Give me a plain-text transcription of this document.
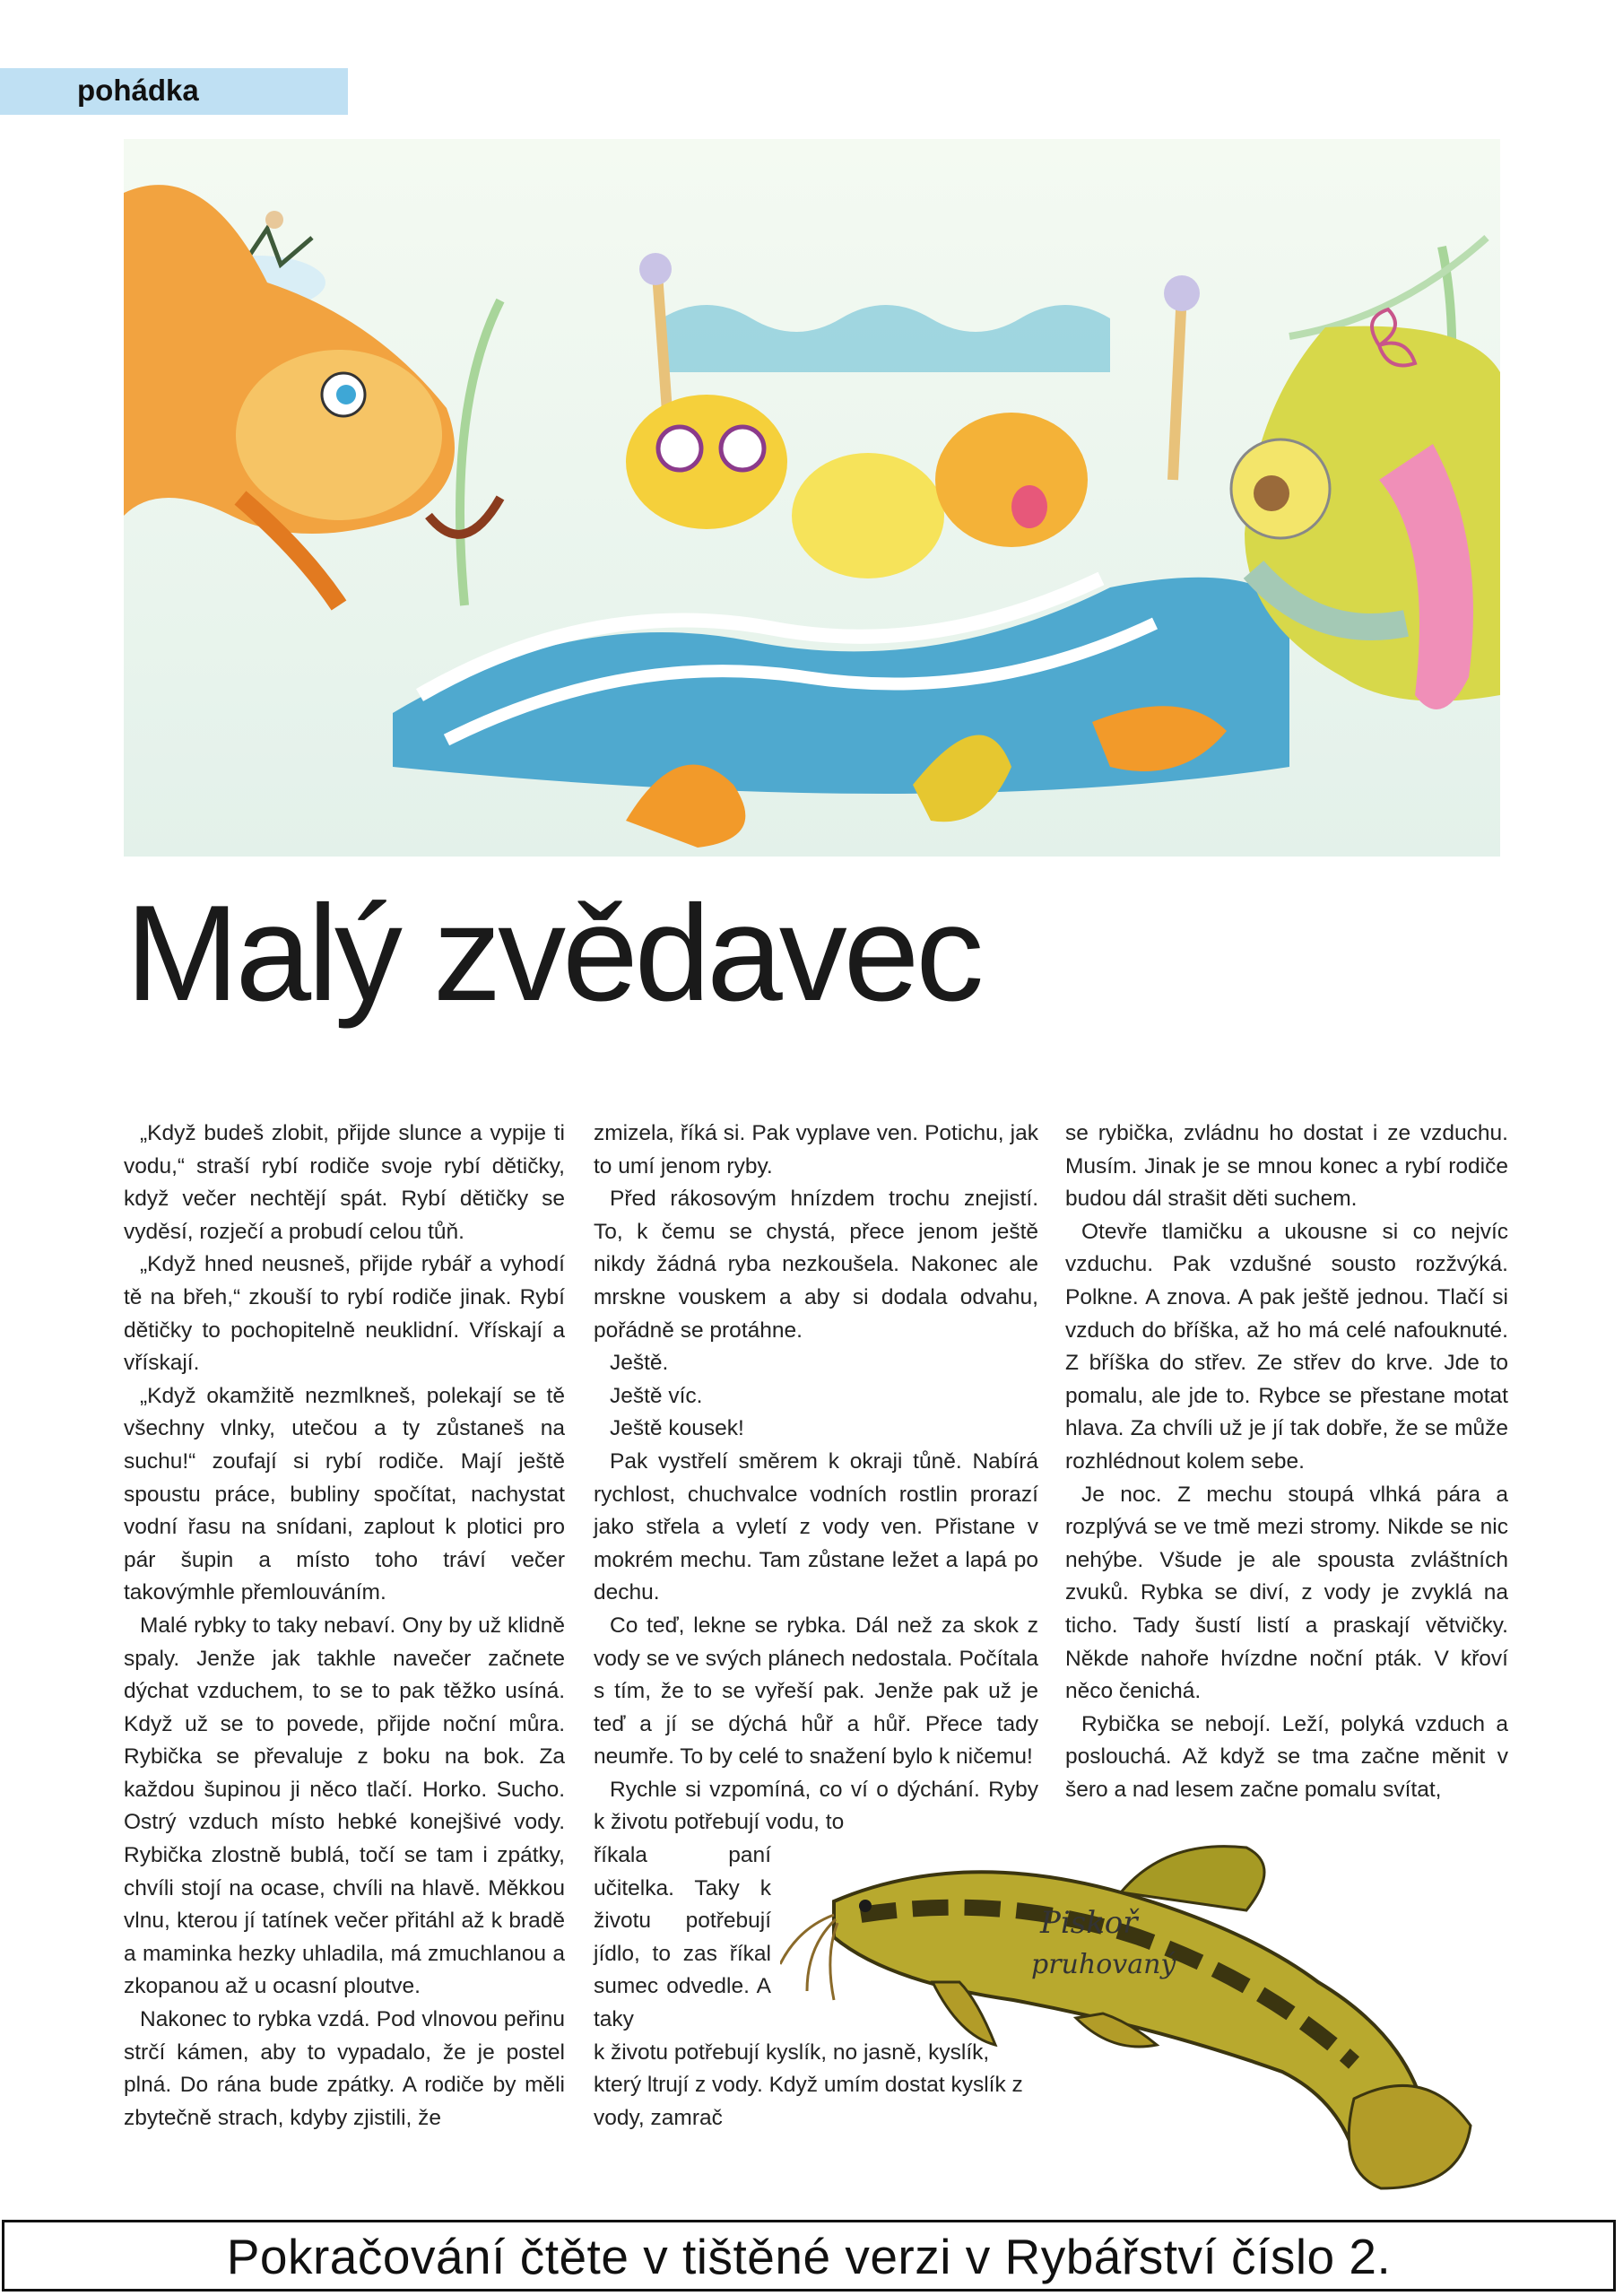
pohádka
Malý zvědavec

„Když budeš zlobit, přijde slunce a vypije ti vodu,“ straší rybí rodiče svoje rybí dětičky, když večer nechtějí spát. Rybí dětičky se vyděsí, rozječí a probudí celou tůň.

„Když hned neusneš, přijde rybář a vyhodí tě na břeh,“ zkouší to rybí rodiče jinak. Rybí dětičky to pochopitelně neuklidní. Vřískají a vřískají.

„Když okamžitě nezmlkneš, polekají se tě všechny vlnky, utečou a ty zůstaneš na suchu!“ zoufají si rybí rodiče. Mají ještě spoustu práce, bubliny spočítat, nachystat vodní řasu na snídani, zaplout k plotici pro pár šupin a místo toho tráví večer takovýmhle přemlouváním.

Malé rybky to taky nebaví. Ony by už klidně spaly. Jenže jak takhle navečer začnete dýchat vzduchem, to se to pak těžko usíná. Když už se to povede, přijde noční můra. Rybička se převaluje z boku na bok. Za každou šupinou ji něco tlačí. Horko. Sucho. Ostrý vzduch místo hebké konejšivé vody. Rybička zlostně bublá, točí se tam i zpátky, chvíli stojí na ocase, chvíli na hlavě. Měkkou vlnu, kterou jí tatínek večer přitáhl až k bradě a maminka hezky uhladila, má zmuchlanou a zkopanou až u ocasní ploutve.

Nakonec to rybka vzdá. Pod vlnovou peřinu strčí kámen, aby to vypadalo, že je postel plná. Do rána bude zpátky. A rodiče by měli zbytečně strach, kdyby zjistili, že

zmizela, říká si. Pak vyplave ven. Potichu, jak to umí jenom ryby.

Před rákosovým hnízdem trochu znejistí. To, k čemu se chystá, přece jenom ještě nikdy žádná ryba nezkoušela. Nakonec ale mrskne vouskem a aby si dodala odvahu, pořádně se protáhne.

Ještě.

Ještě víc.

Ještě kousek!

Pak vystřelí směrem k okraji tůně. Nabírá rychlost, chuchvalce vodních rostlin prorazí jako střela a vyletí z vody ven. Přistane v mokrém mechu. Tam zůstane ležet a lapá po dechu.

Co teď, lekne se rybka. Dál než za skok z vody se ve svých plánech nedostala. Počítala s tím, že to se vyřeší pak. Jenže pak už je teď a jí se dýchá hůř a hůř. Přece tady neumře. To by celé to snažení bylo k ničemu!

Rychle si vzpomíná, co ví o dýchání. Ryby k životu potřebují vodu, to

říkala paní učitelka. Taky k životu potřebují jídlo, to zas říkal sumec odvedle. A taky

k životu potřebují kyslík, no jasně, kyslík, který ltrují z vody. Když umím dostat kyslík z vody, zamrač

se rybička, zvládnu ho dostat i ze vzduchu. Musím. Jinak je se mnou konec a rybí rodiče budou dál strašit děti suchem.

Otevře tlamičku a ukousne si co nejvíc vzduchu. Pak vzdušné sousto rozžvýká. Polkne. A znova. A pak ještě jednou. Tlačí si vzduch do bříška, až ho má celé nafouknuté. Z bříška do střev. Ze střev do krve. Jde to pomalu, ale jde to. Rybce se přestane motat hlava. Za chvíli už je jí tak dobře, že se může rozhlédnout kolem sebe.

Je noc. Z mechu stoupá vlhká pára a rozplývá se ve tmě mezi stromy. Nikde se nic nehýbe. Všude je ale spousta zvláštních zvuků. Rybka se diví, z vody je zvyklá na ticho. Tady šustí listí a praskají větvičky. Někde nahoře hvízdne noční pták. V křoví něco čenichá.

Rybička se nebojí. Leží, polyká vzduch a poslouchá. Až když se tma začne měnit v šero a nad lesem začne pomalu svítat,

Piskoř
pruhovaný
Pokračování čtěte v tištěné verzi v Rybářství číslo 2.
